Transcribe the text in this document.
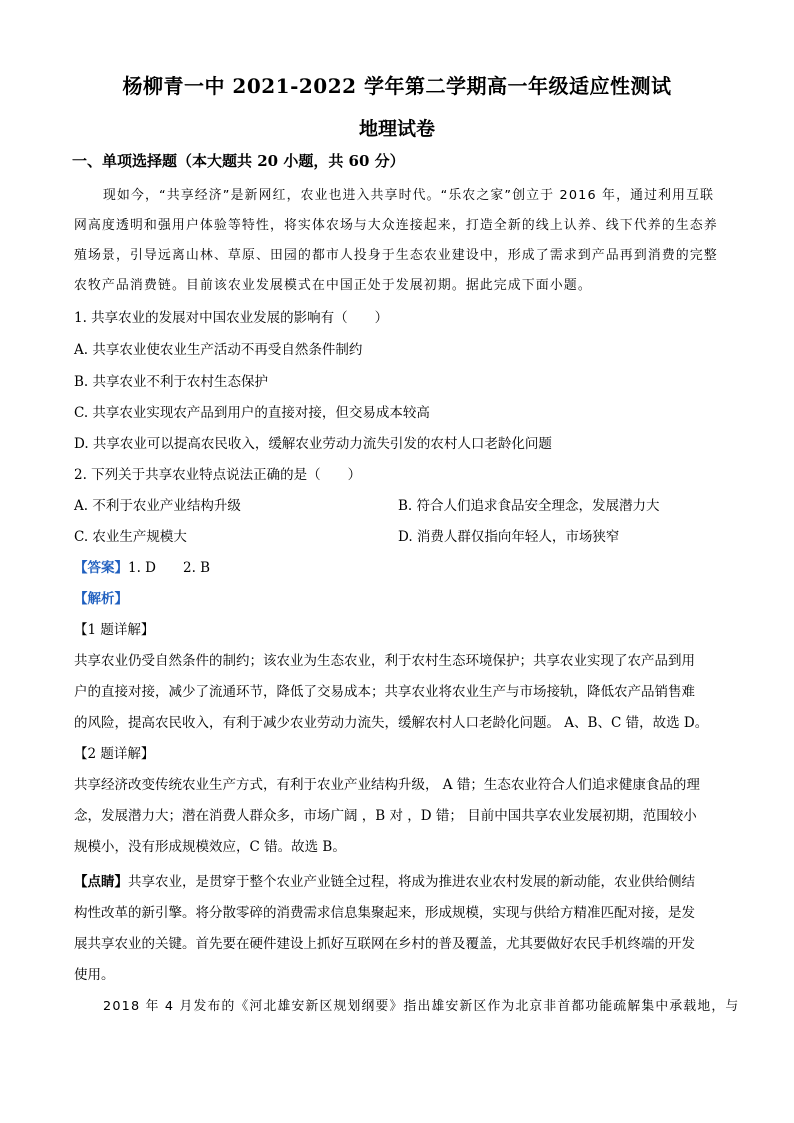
杨柳青一中 2021-2022 学年第二学期高一年级适应性测试
地理试卷

一、单项选择题（本大题共 20 小题，共 60 分）

现如今，“共享经济”是新网红，农业也进入共享时代。“乐农之家”创立于 2016 年，通过利用互联

网高度透明和强用户体验等特性，将实体农场与大众连接起来，打造全新的线上认养、线下代养的生态养

殖场景，引导远离山林、草原、田园的都市人投身于生态农业建设中，形成了需求到产品再到消费的完整

农牧产品消费链。目前该农业发展模式在中国正处于发展初期。据此完成下面小题。

1. 共享农业的发展对中国农业发展的影响有（　　）

A. 共享农业使农业生产活动不再受自然条件制约

B. 共享农业不利于农村生态保护

C. 共享农业实现农产品到用户的直接对接，但交易成本较高

D. 共享农业可以提高农民收入，缓解农业劳动力流失引发的农村人口老龄化问题

2. 下列关于共享农业特点说法正确的是（　　）

A. 不利于农业产业结构升级	B. 符合人们追求食品安全理念，发展潜力大

C. 农业生产规模大	D. 消费人群仅指向年轻人，市场狭窄

【答案】1. D　　2. B

【解析】

【1 题详解】

共享农业仍受自然条件的制约；该农业为生态农业，利于农村生态环境保护；共享农业实现了农产品到用

户的直接对接，减少了流通环节，降低了交易成本；共享农业将农业生产与市场接轨，降低农产品销售难

的风险，提高农民收入，有利于减少农业劳动力流失，缓解农村人口老龄化问题。 A、B、C 错，故选 D。

【2 题详解】

共享经济改变传统农业生产方式，有利于农业产业结构升级， A 错；生态农业符合人们追求健康食品的理

念，发展潜力大；潜在消费人群众多，市场广阔 ，B 对 ，D 错； 目前中国共享农业发展初期，范围较小

规模小，没有形成规模效应，C 错。故选 B。

【点睛】共享农业，是贯穿于整个农业产业链全过程，将成为推进农业农村发展的新动能，农业供给侧结

构性改革的新引擎。将分散零碎的消费需求信息集聚起来，形成规模，实现与供给方精准匹配对接，是发

展共享农业的关键。首先要在硬件建设上抓好互联网在乡村的普及覆盖，尤其要做好农民手机终端的开发

使用。

2018 年 4 月发布的《河北雄安新区规划纲要》指出雄安新区作为北京非首都功能疏解集中承载地，与
